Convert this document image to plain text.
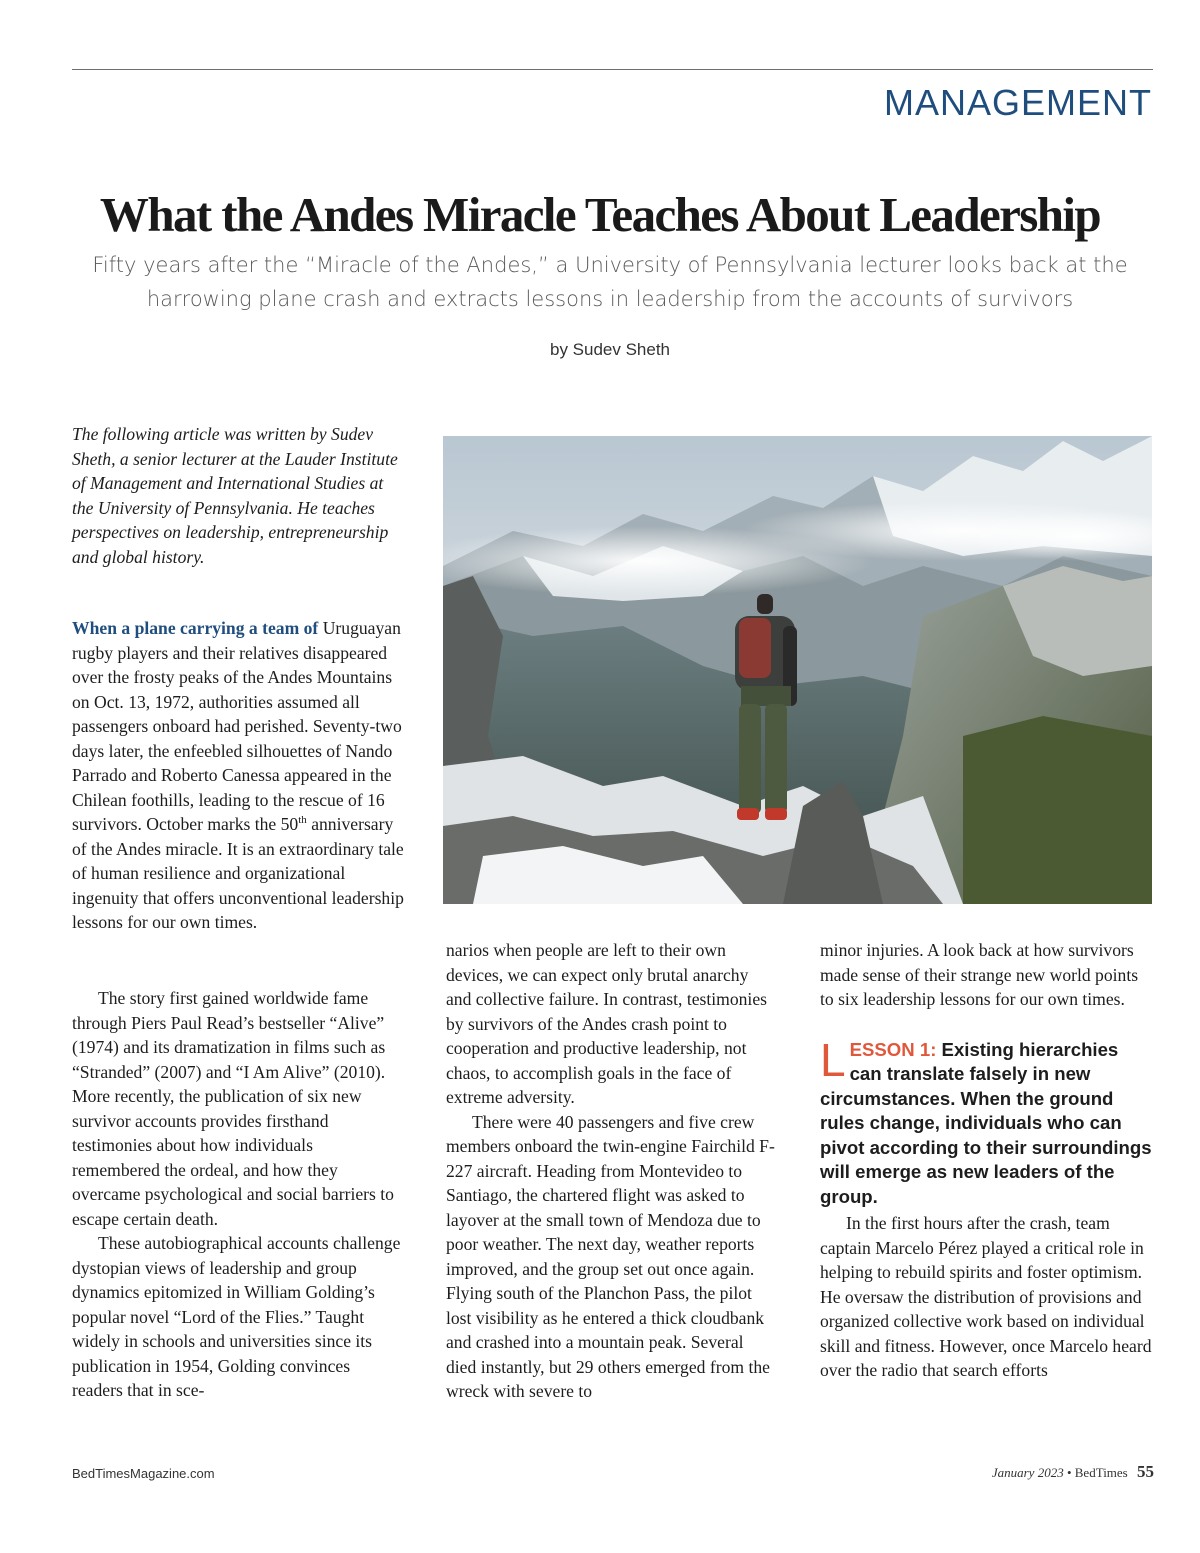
MANAGEMENT
What the Andes Miracle Teaches About Leadership
Fifty years after the “Miracle of the Andes,” a University of Pennsylvania lecturer looks back at the harrowing plane crash and extracts lessons in leadership from the accounts of survivors
by Sudev Sheth
The following article was written by Sudev Sheth, a senior lecturer at the Lauder Institute of Management and International Studies at the University of Pennsylvania. He teaches perspectives on leadership, entrepreneurship and global history.
When a plane carrying a team of Uruguayan rugby players and their relatives disappeared over the frosty peaks of the Andes Mountains on Oct. 13, 1972, authorities assumed all passengers onboard had perished. Seventy-two days later, the enfeebled silhouettes of Nando Parrado and Roberto Canessa appeared in the Chilean foothills, leading to the rescue of 16 survivors. October marks the 50th anniversary of the Andes miracle. It is an extraordinary tale of human resilience and organizational ingenuity that offers unconventional leadership lessons for our own times.

The story first gained worldwide fame through Piers Paul Read’s bestseller “Alive” (1974) and its dramatization in films such as “Stranded” (2007) and “I Am Alive” (2010). More recently, the publication of six new survivor accounts provides firsthand testimonies about how individuals remembered the ordeal, and how they overcame psychological and social barriers to escape certain death.

These autobiographical accounts challenge dystopian views of leadership and group dynamics epitomized in William Golding’s popular novel “Lord of the Flies.” Taught widely in schools and universities since its publication in 1954, Golding convinces readers that in sce-

narios when people are left to their own devices, we can expect only brutal anarchy and collective failure. In contrast, testimonies by survivors of the Andes crash point to cooperation and productive leadership, not chaos, to accomplish goals in the face of extreme adversity.

There were 40 passengers and five crew members onboard the twin-engine Fairchild F-227 aircraft. Heading from Montevideo to Santiago, the chartered flight was asked to layover at the small town of Mendoza due to poor weather. The next day, weather reports improved, and the group set out once again. Flying south of the Planchon Pass, the pilot lost visibility as he entered a thick cloudbank and crashed into a mountain peak. Several died instantly, but 29 others emerged from the wreck with severe to

minor injuries. A look back at how survivors made sense of their strange new world points to six leadership lessons for our own times.

LESSON 1: Existing hierarchies can translate falsely in new circumstances. When the ground rules change, individuals who can pivot according to their surroundings will emerge as new leaders of the group.

In the first hours after the crash, team captain Marcelo Pérez played a critical role in helping to rebuild spirits and foster optimism. He oversaw the distribution of provisions and organized collective work based on individual skill and fitness. However, once Marcelo heard over the radio that search efforts

BedTimesMagazine.com	January 2023 • BedTimes 55
